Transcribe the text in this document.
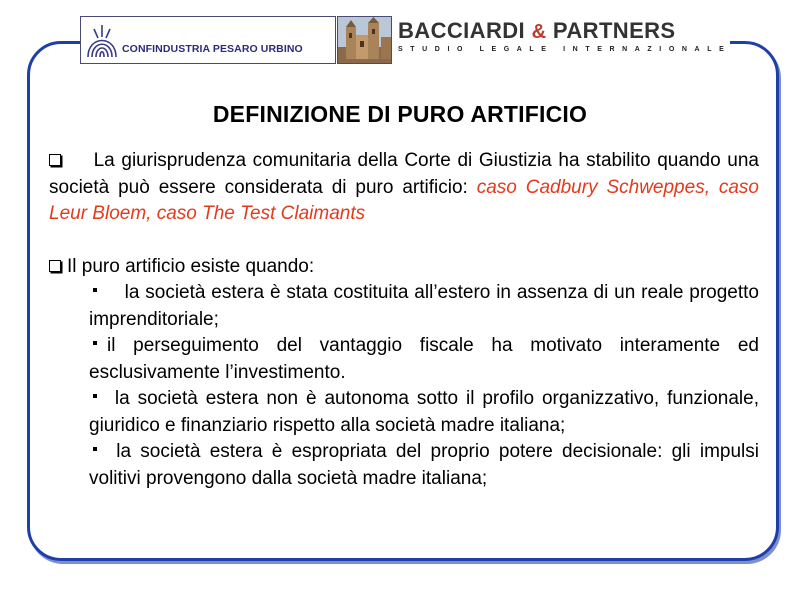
CONFINDUSTRIA PESARO URBINO
BACCIARDI & PARTNERS
STUDIO LEGALE INTERNAZIONALE
DEFINIZIONE DI PURO ARTIFICIO
La giurisprudenza comunitaria della Corte di Giustizia ha stabilito quando una società può essere considerata di puro artificio: caso Cadbury Schweppes, caso Leur Bloem, caso The Test Claimants
Il puro artificio esiste quando:
la società estera è stata costituita all’estero in assenza di un reale progetto imprenditoriale;
il perseguimento del vantaggio fiscale ha motivato interamente ed esclusivamente l’investimento.
la società estera non è autonoma sotto il profilo organizzativo, funzionale, giuridico e finanziario rispetto alla società madre italiana;
la società estera è espropriata del proprio potere decisionale: gli impulsi volitivi provengono dalla società madre italiana;
